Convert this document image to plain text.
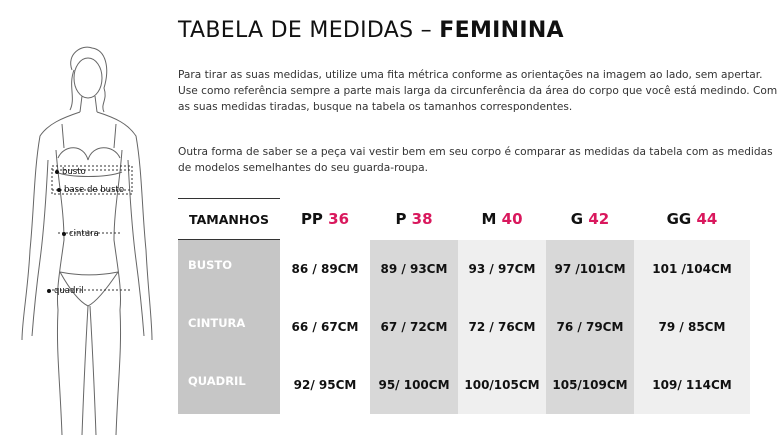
busto
base de busto
cintura
quadril
TABELA DE MEDIDAS – FEMININA
Para tirar as suas medidas, utilize uma fita métrica conforme as orientações na imagem ao lado, sem apertar. Use como referência sempre a parte mais larga da circunferência da área do corpo que você está medindo. Com as suas medidas tiradas, busque na tabela os tamanhos correspondentes.
Outra forma de saber se a peça vai vestir bem em seu corpo é comparar as medidas da tabela com as medidas de modelos semelhantes do seu guarda-roupa.
TAMANHOS	PP 36	P 38	M 40	G 42	GG 44

BUSTO	86 / 89CM	89 / 93CM	93 / 97CM	97 /101CM	101 /104CM

CINTURA	66 / 67CM	67 / 72CM	72 / 76CM	76 / 79CM	79 / 85CM

QUADRIL	92/ 95CM	95/ 100CM	100/105CM	105/109CM	109/ 114CM
